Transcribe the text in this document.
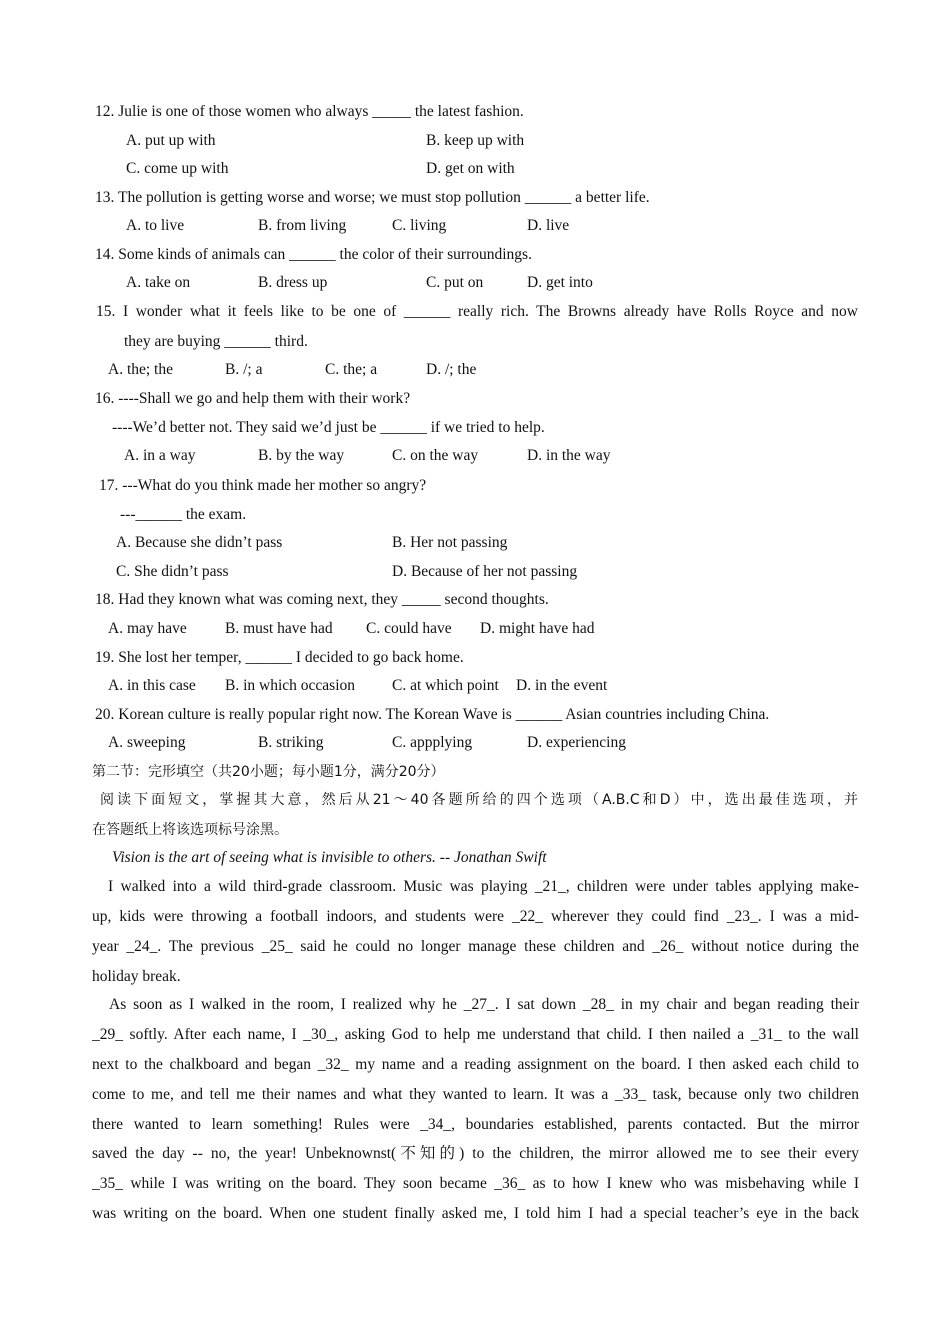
12. Julie is one of those women who always _____ the latest fashion.
A. put up with	B. keep up with
C. come up with	D. get on with
13. The pollution is getting worse and worse; we must stop pollution ______ a better life.
A. to live	B. from living	C. living	D. live
14. Some kinds of animals can ______ the color of their surroundings.
A. take on	B. dress up	C. put on	D. get into
15. I wonder what it feels like to be one of ______ really rich. The Browns already have Rolls Royce and now
they are buying ______ third.
A. the; the	B. /; a	C. the; a	D. /; the
16. ----Shall we go and help them with their work?
----We’d better not. They said we’d just be ______ if we tried to help.
A. in a way	B. by the way	C. on the way	D. in the way
17. ---What do you think made her mother so angry?
---______ the exam.
A. Because she didn’t pass	B. Her not passing
C. She didn’t pass	D. Because of her not passing
18. Had they known what was coming next, they _____ second thoughts.
A. may have B. must have had C. could have D. might have had
19. She lost her temper, ______ I decided to go back home.
A. in this case B. in which occasion C. at which point D. in the event
20. Korean culture is really popular right now. The Korean Wave is ______ Asian countries including China.
A. sweeping	B. striking	C. appplying	D. experiencing
第二节：完形填空（共20小题；每小题1分，满分20分）
阅读下面短文，掌握其大意，然后从21～40各题所给的四个选项（A.B.C和D）中，选出最佳选项，并
在答题纸上将该选项标号涂黑。
Vision is the art of seeing what is invisible to others. -- Jonathan Swift
I walked into a wild third-grade classroom. Music was playing _21_, children were under tables applying make-
up, kids were throwing a football indoors, and students were _22_ wherever they could find _23_. I was a mid-
year _24_. The previous _25_ said he could no longer manage these children and _26_ without notice during the
holiday break.
As soon as I walked in the room, I realized why he _27_. I sat down _28_ in my chair and began reading their
_29_ softly. After each name, I _30_, asking God to help me understand that child. I then nailed a _31_ to the wall
next to the chalkboard and began _32_ my name and a reading assignment on the board. I then asked each child to
come to me, and tell me their names and what they wanted to learn. It was a _33_ task, because only two children
there wanted to learn something! Rules were _34_, boundaries established, parents contacted. But the mirror
saved the day -- no, the year! Unbeknownst(不知的) to the children, the mirror allowed me to see their every
_35_ while I was writing on the board. They soon became _36_ as to how I knew who was misbehaving while I
was writing on the board. When one student finally asked me, I told him I had a special teacher’s eye in the back
